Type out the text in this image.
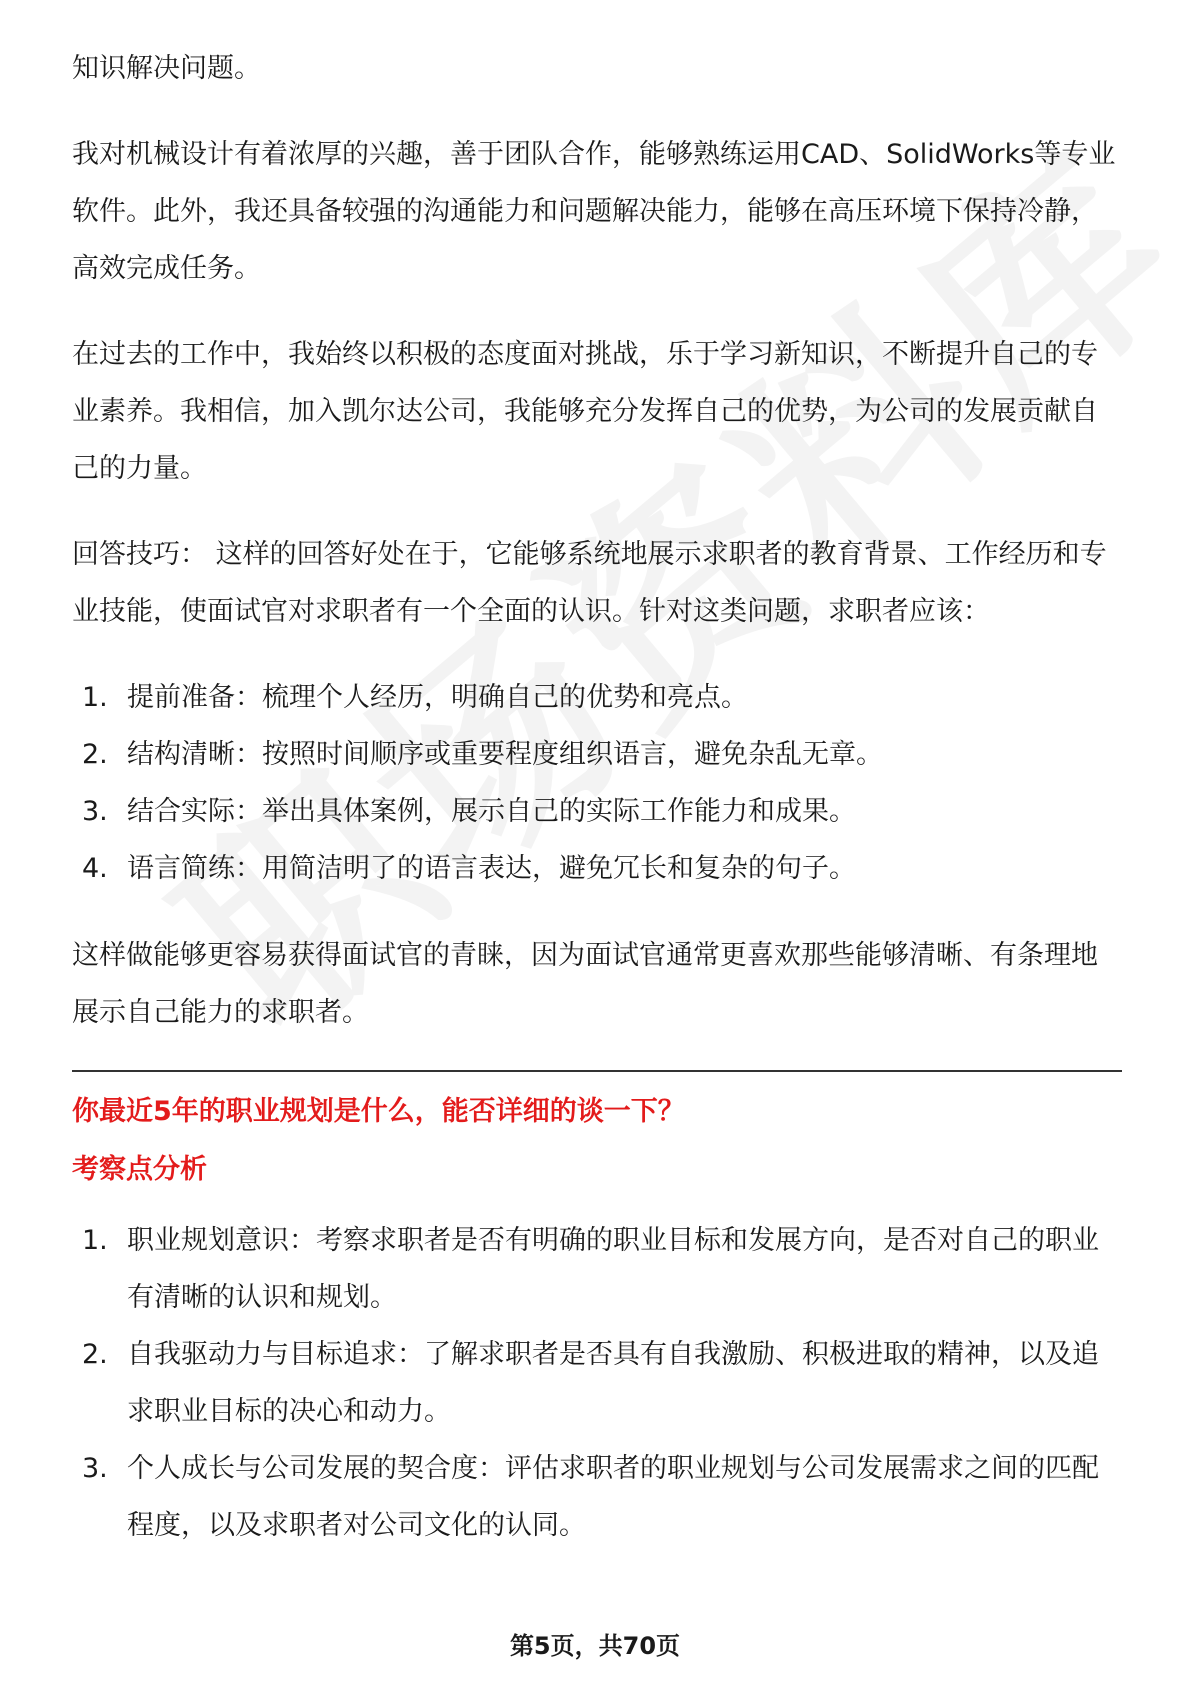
知识解决问题。

我对机械设计有着浓厚的兴趣，善于团队合作，能够熟练运用CAD、SolidWorks等专业软件。此外，我还具备较强的沟通能力和问题解决能力，能够在高压环境下保持冷静，高效完成任务。

在过去的工作中，我始终以积极的态度面对挑战，乐于学习新知识，不断提升自己的专业素养。我相信，加入凯尔达公司，我能够充分发挥自己的优势，为公司的发展贡献自己的力量。

回答技巧： 这样的回答好处在于，它能够系统地展示求职者的教育背景、工作经历和专业技能，使面试官对求职者有一个全面的认识。针对这类问题，求职者应该：

1. 提前准备：梳理个人经历，明确自己的优势和亮点。
2. 结构清晰：按照时间顺序或重要程度组织语言，避免杂乱无章。
3. 结合实际：举出具体案例，展示自己的实际工作能力和成果。
4. 语言简练：用简洁明了的语言表达，避免冗长和复杂的句子。

这样做能够更容易获得面试官的青睐，因为面试官通常更喜欢那些能够清晰、有条理地展示自己能力的求职者。

你最近5年的职业规划是什么，能否详细的谈一下？
考察点分析
1. 职业规划意识：考察求职者是否有明确的职业目标和发展方向，是否对自己的职业有清晰的认识和规划。
2. 自我驱动力与目标追求：了解求职者是否具有自我激励、积极进取的精神，以及追求职业目标的决心和动力。
3. 个人成长与公司发展的契合度：评估求职者的职业规划与公司发展需求之间的匹配程度，以及求职者对公司文化的认同。
第5页，共70页
